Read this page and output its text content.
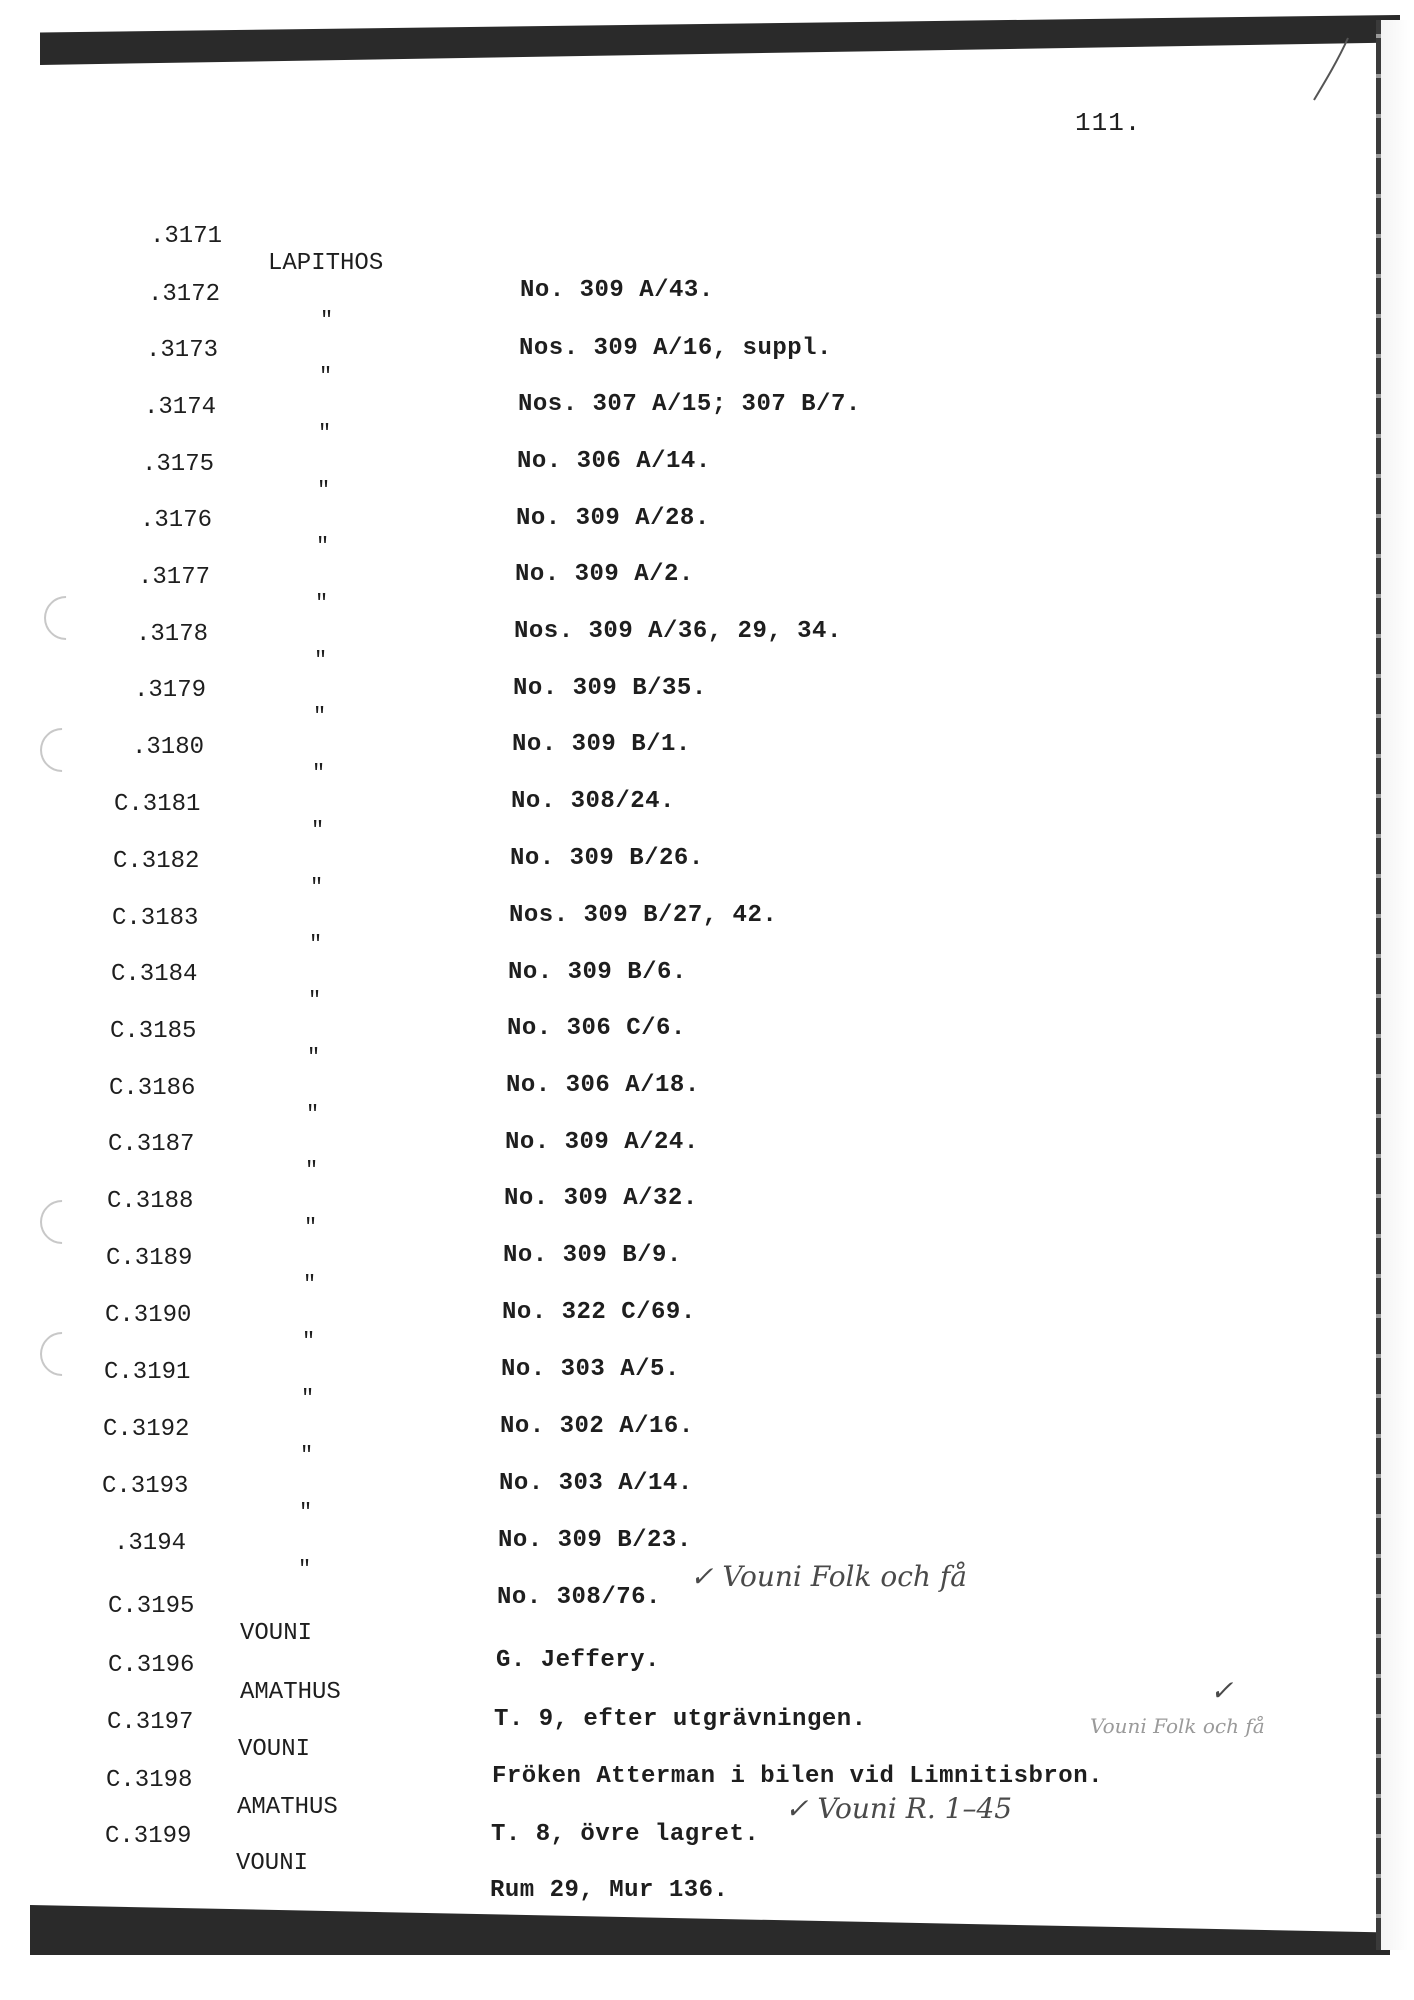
111.

.3171

LAPITHOS

No. 309 A/43.

.3172

"

Nos. 309 A/16, suppl.

.3173

"

Nos. 307 A/15; 307 B/7.

.3174

"

No. 306 A/14.

.3175

"

No. 309 A/28.

.3176

"

No. 309 A/2.

.3177

"

Nos. 309 A/36, 29, 34.

.3178

"

No. 309 B/35.

.3179

"

No. 309 B/1.

.3180

"

No. 308/24.

C.3181

"

No. 309 B/26.

C.3182

"

Nos. 309 B/27, 42.

C.3183

"

No. 309 B/6.

C.3184

"

No. 306 C/6.

C.3185

"

No. 306 A/18.

C.3186

"

No. 309 A/24.

C.3187

"

No. 309 A/32.

C.3188

"

No. 309 B/9.

C.3189

"

No. 322 C/69.

C.3190

"

No. 303 A/5.

C.3191

"

No. 302 A/16.

C.3192

"

No. 303 A/14.

C.3193

"

No. 309 B/23.

.3194

"

No. 308/76.

C.3195

VOUNI

G. Jeffery.

✓ Vouni Folk och få

C.3196

AMATHUS

T. 9, efter utgrävningen.

C.3197

VOUNI

Fröken Atterman i bilen vid Limnitisbron.

✓

C.3198

AMATHUS

T. 8, övre lagret.

Vouni Folk och få

C.3199

VOUNI

Rum 29, Mur 136.

✓ Vouni R. 1–45
